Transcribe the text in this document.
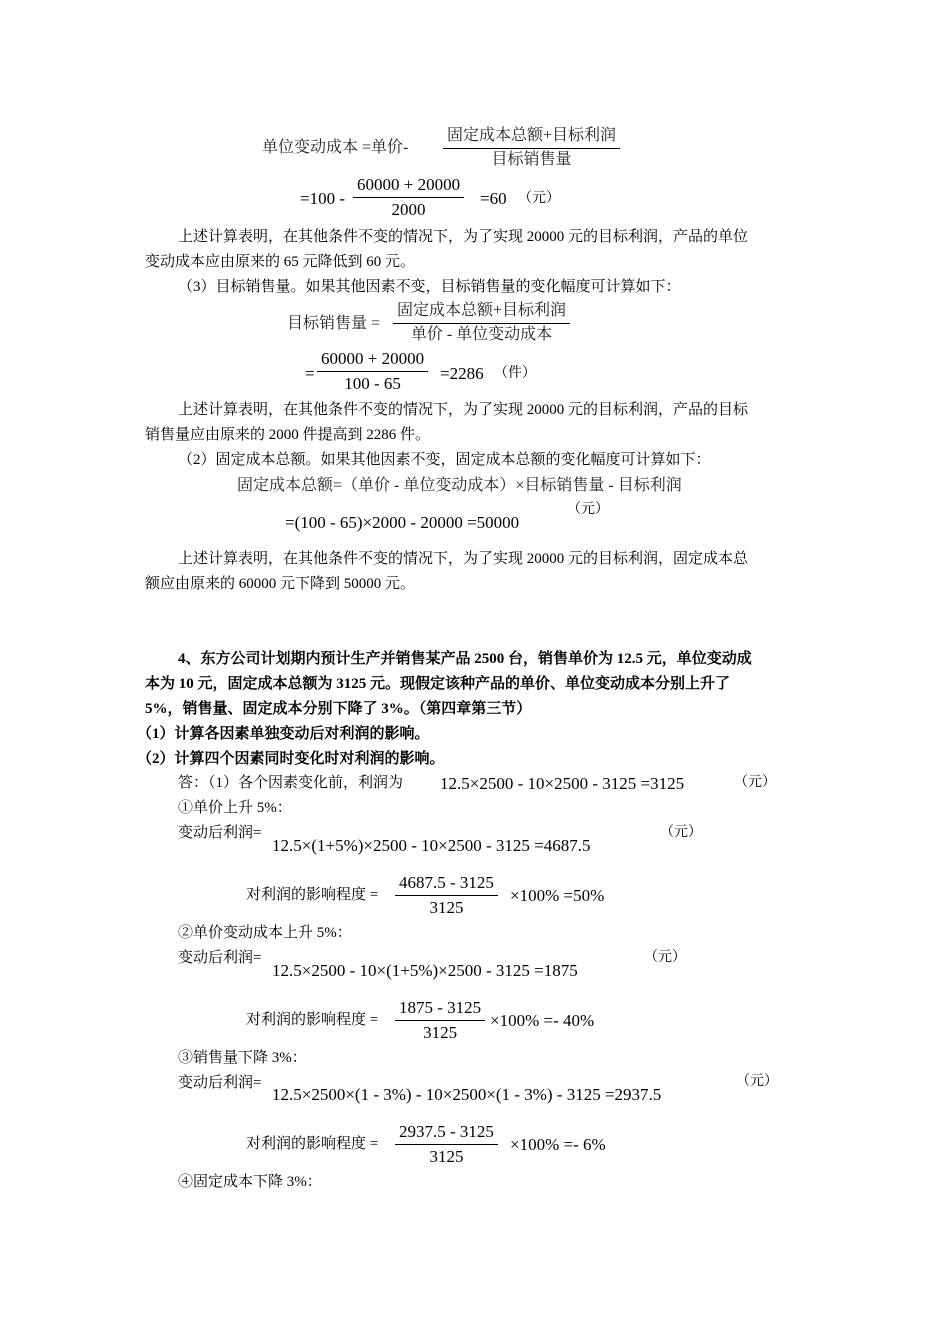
单位变动成本 =单价-
固定成本总额+目标利润
目标销售量
$=100 - \frac{60000 + 20000}{2000} =60$ （元）
上述计算表明，在其他条件不变的情况下，为了实现 20000 元的目标利润，产品的单位
变动成本应由原来的 65 元降低到 60 元。
（3）目标销售量。如果其他因素不变，目标销售量的变化幅度可计算如下：
目标销售量 =
固定成本总额+目标利润
单价 - 单位变动成本
= $\frac{60000 + 20000}{100 - 65} =2286$ （件）
上述计算表明，在其他条件不变的情况下，为了实现 20000 元的目标利润，产品的目标
销售量应由原来的 2000 件提高到 2286 件。
（2）固定成本总额。如果其他因素不变，固定成本总额的变化幅度可计算如下：
固定成本总额=（单价 - 单位变动成本）×目标销售量 - 目标利润
=(100 - 65)×2000 - 20000 =50000
（元）
上述计算表明，在其他条件不变的情况下，为了实现 20000 元的目标利润，固定成本总
额应由原来的 60000 元下降到 50000 元。
4、东方公司计划期内预计生产并销售某产品 2500 台，销售单价为 12.5 元，单位变动成
本为 10 元，固定成本总额为 3125 元。现假定该种产品的单价、单位变动成本分别上升了
5%，销售量、固定成本分别下降了 3%。（第四章第三节）
（1）计算各因素单独变动后对利润的影响。
（2）计算四个因素同时变化时对利润的影响。
答：（1）各个因素变化前，利润为 12.5×2500 - 10×2500 - 3125 =3125	（元）
①单价上升 5%：
变动后利润=
12.5×(1+5%)×2500 - 10×2500 - 3125 =4687.5
（元）
对利润的影响程度 = $\frac{4687.5 - 3125}{3125} \times 100\% =50\%$
②单价变动成本上升 5%：
变动后利润=
12.5×2500 - 10×(1+5%)×2500 - 3125 =1875
（元）
对利润的影响程度 = $\frac{1875 - 3125}{3125} \times 100\% =- 40\%$
③销售量下降 3%：
变动后利润=
12.5×2500×(1 - 3%) - 10×2500×(1 - 3%) - 3125 =2937.5
（元）
对利润的影响程度 = $\frac{2937.5 - 3125}{3125} \times 100\% =- 6\%$
④固定成本下降 3%：
